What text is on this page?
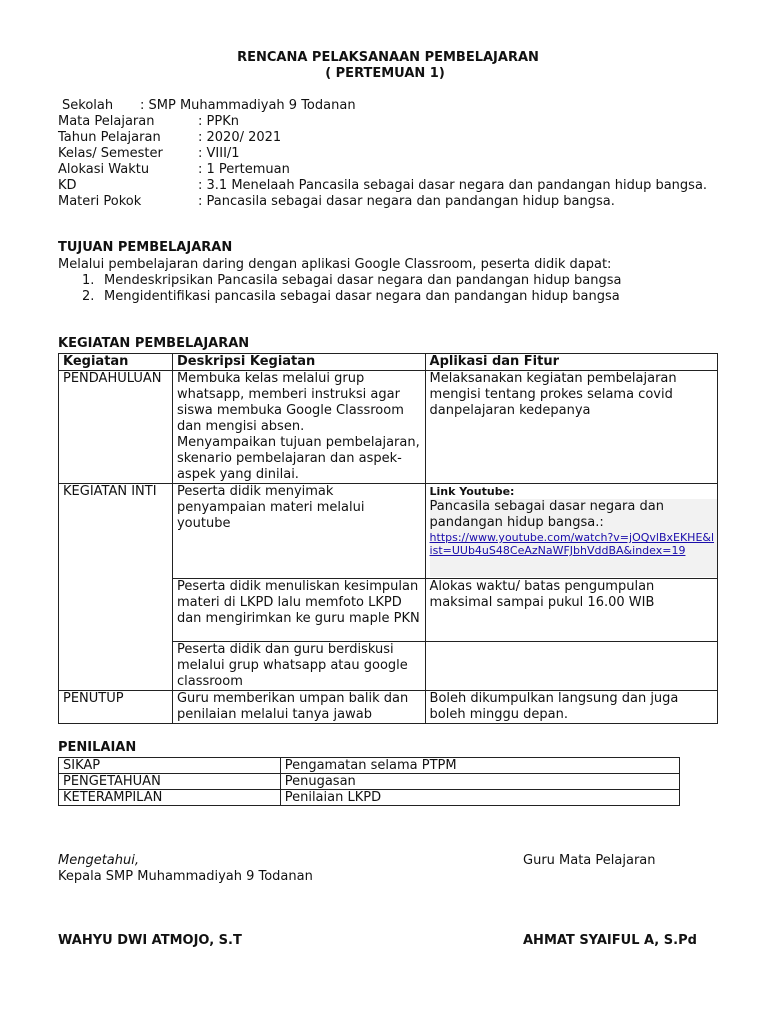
RENCANA PELAKSANAAN PEMBELAJARAN
( PERTEMUAN 1)
Sekolah : SMP Muhammadiyah 9 Todanan
Mata Pelajaran	: PPKn
Tahun Pelajaran	: 2020/ 2021
Kelas/ Semester	: VIII/1
Alokasi Waktu	: 1 Pertemuan
KD	: 3.1 Menelaah Pancasila sebagai dasar negara dan pandangan hidup bangsa.
Materi Pokok	: Pancasila sebagai dasar negara dan pandangan hidup bangsa.
TUJUAN PEMBELAJARAN
Melalui pembelajaran daring dengan aplikasi Google Classroom, peserta didik dapat:
1. Mendeskripsikan Pancasila sebagai dasar negara dan pandangan hidup bangsa
2. Mengidentifikasi pancasila sebagai dasar negara dan pandangan hidup bangsa
KEGIATAN PEMBELAJARAN
Kegiatan	Deskripsi Kegiatan	Aplikasi dan Fitur
PENDAHULUAN	Membuka kelas melalui grup whatsapp, memberi instruksi agar siswa membuka Google Classroom dan mengisi absen.
Menyampaikan tujuan pembelajaran, skenario pembelajaran dan aspek-aspek yang dinilai.	Melaksanakan kegiatan pembelajaran mengisi tentang prokes selama covid danpelajaran kedepanya
KEGIATAN INTI	Peserta didik menyimak penyampaian materi melalui youtube	Link Youtube:
Pancasila sebagai dasar negara dan pandangan hidup bangsa.:
https://www.youtube.com/watch?v=jOQvlBxEKHE&list=UUb4uS48CeAzNaWFJbhVddBA&index=19

	Peserta didik menuliskan kesimpulan materi di LKPD lalu memfoto LKPD dan mengirimkan ke guru maple PKN	Alokas waktu/ batas pengumpulan maksimal sampai pukul 16.00 WIB
	Peserta didik dan guru berdiskusi melalui grup whatsapp atau google classroom	
PENUTUP	Guru memberikan umpan balik dan penilaian melalui tanya jawab	Boleh dikumpulkan langsung dan juga boleh minggu depan.
PENILAIAN
SIKAP	Pengamatan selama PTPM
PENGETAHUAN	Penugasan
KETERAMPILAN	Penilaian LKPD
Mengetahui,
Kepala SMP Muhammadiyah 9 Todanan
Guru Mata Pelajaran
WAHYU DWI ATMOJO, S.T	AHMAT SYAIFUL A, S.Pd
